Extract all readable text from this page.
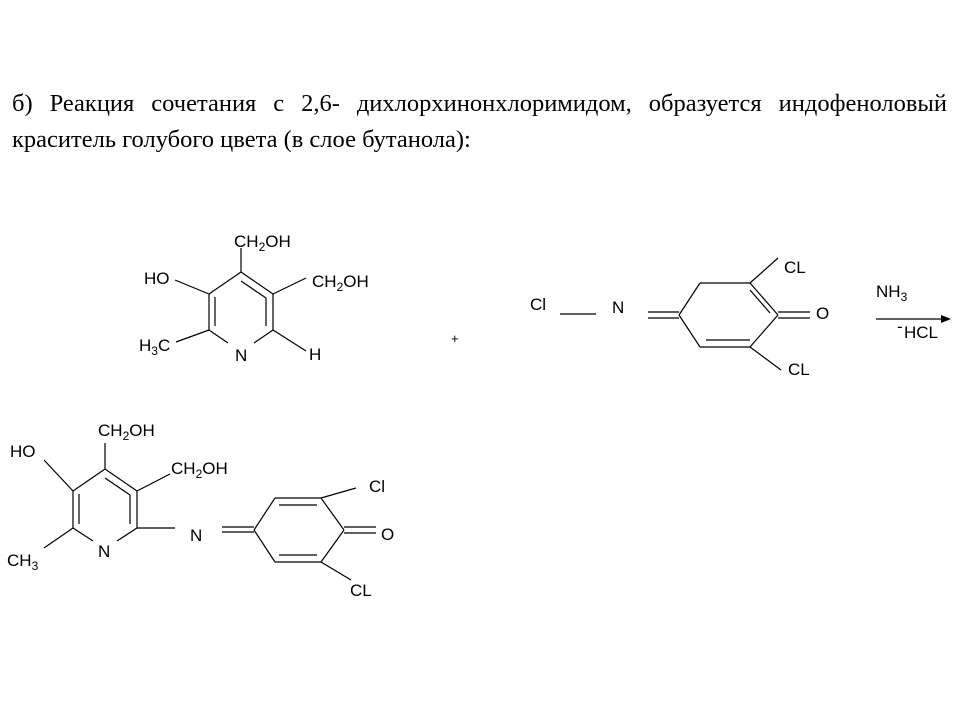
б) Реакция сочетания с 2,6- дихлорхинонхлоримидом, образуется индофеноловый краситель голубого цвета (в слое бутанола):
$CH_2OH$
$CH_2OH$
HO
$H_3C$
N	H
+
Cl	N
CL
O
CL
$NH_3$
- HCL
$CH_2OH$
$CH_2OH$
HO
$CH_3$
N
N
Cl
O
CL
